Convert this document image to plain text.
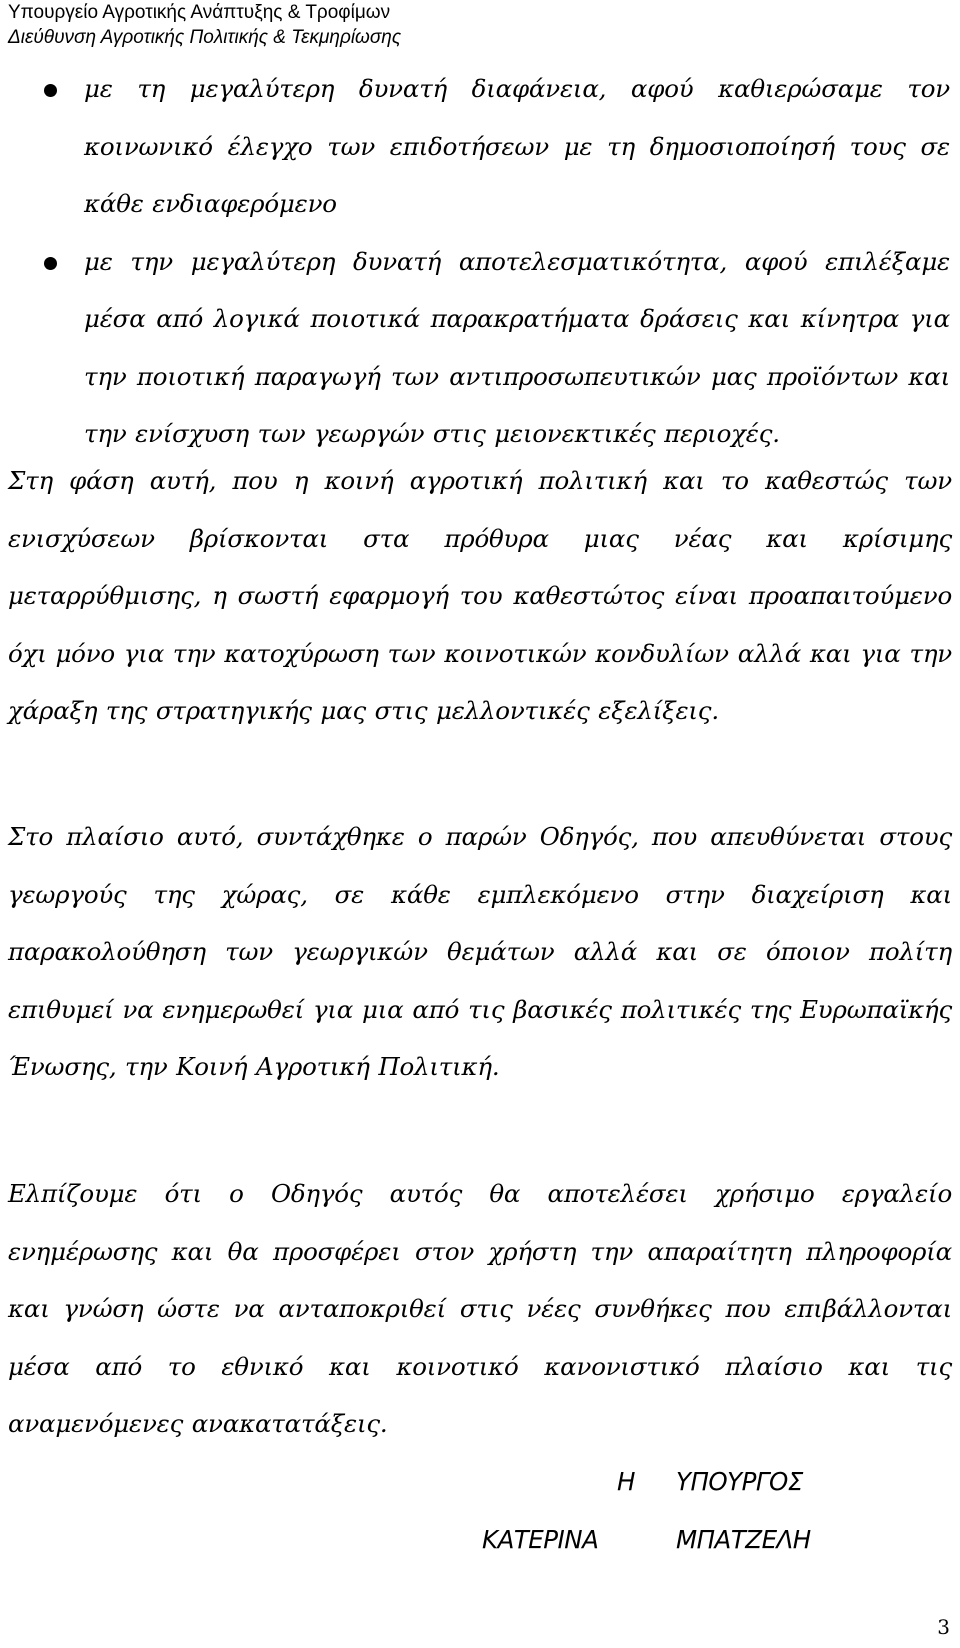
Υπουργείο Αγροτικής Ανάπτυξης & Τροφίμων
Διεύθυνση Αγροτικής Πολιτικής & Τεκμηρίωσης
με τη μεγαλύτερη δυνατή διαφάνεια, αφού καθιερώσαμε τον κοινωνικό έλεγχο των επιδοτήσεων με τη δημοσιοποίησή τους σε κάθε ενδιαφερόμενο
με την μεγαλύτερη δυνατή αποτελεσματικότητα, αφού επιλέξαμε μέσα από λογικά ποιοτικά παρακρατήματα δράσεις και κίνητρα για την ποιοτική παραγωγή των αντιπροσωπευτικών μας προϊόντων και την ενίσχυση των γεωργών στις μειονεκτικές περιοχές.

Στη φάση αυτή, που η κοινή αγροτική πολιτική και το καθεστώς των ενισχύσεων βρίσκονται στα πρόθυρα μιας νέας και κρίσιμης μεταρρύθμισης, η σωστή εφαρμογή του καθεστώτος είναι προαπαιτούμενο όχι μόνο για την κατοχύρωση των κοινοτικών κονδυλίων αλλά και για την χάραξη της στρατηγικής μας στις μελλοντικές εξελίξεις.

Στο πλαίσιο αυτό, συντάχθηκε ο παρών Οδηγός, που απευθύνεται στους γεωργούς της χώρας, σε κάθε εμπλεκόμενο στην διαχείριση και παρακολούθηση των γεωργικών θεμάτων αλλά και σε όποιον πολίτη επιθυμεί να ενημερωθεί για μια από τις βασικές πολιτικές της Ευρωπαϊκής Ένωσης, την Κοινή Αγροτική Πολιτική.

Ελπίζουμε ότι ο Οδηγός αυτός θα αποτελέσει χρήσιμο εργαλείο ενημέρωσης και θα προσφέρει στον χρήστη την απαραίτητη πληροφορία και γνώση ώστε να ανταποκριθεί στις νέες συνθήκες που επιβάλλονται μέσα από το εθνικό και κοινοτικό κανονιστικό πλαίσιο και τις αναμενόμενες ανακατατάξεις.

Η ΥΠΟΥΡΓΟΣ
ΚΑΤΕΡΙΝΑ	ΜΠΑΤΖΕΛΗ
3
